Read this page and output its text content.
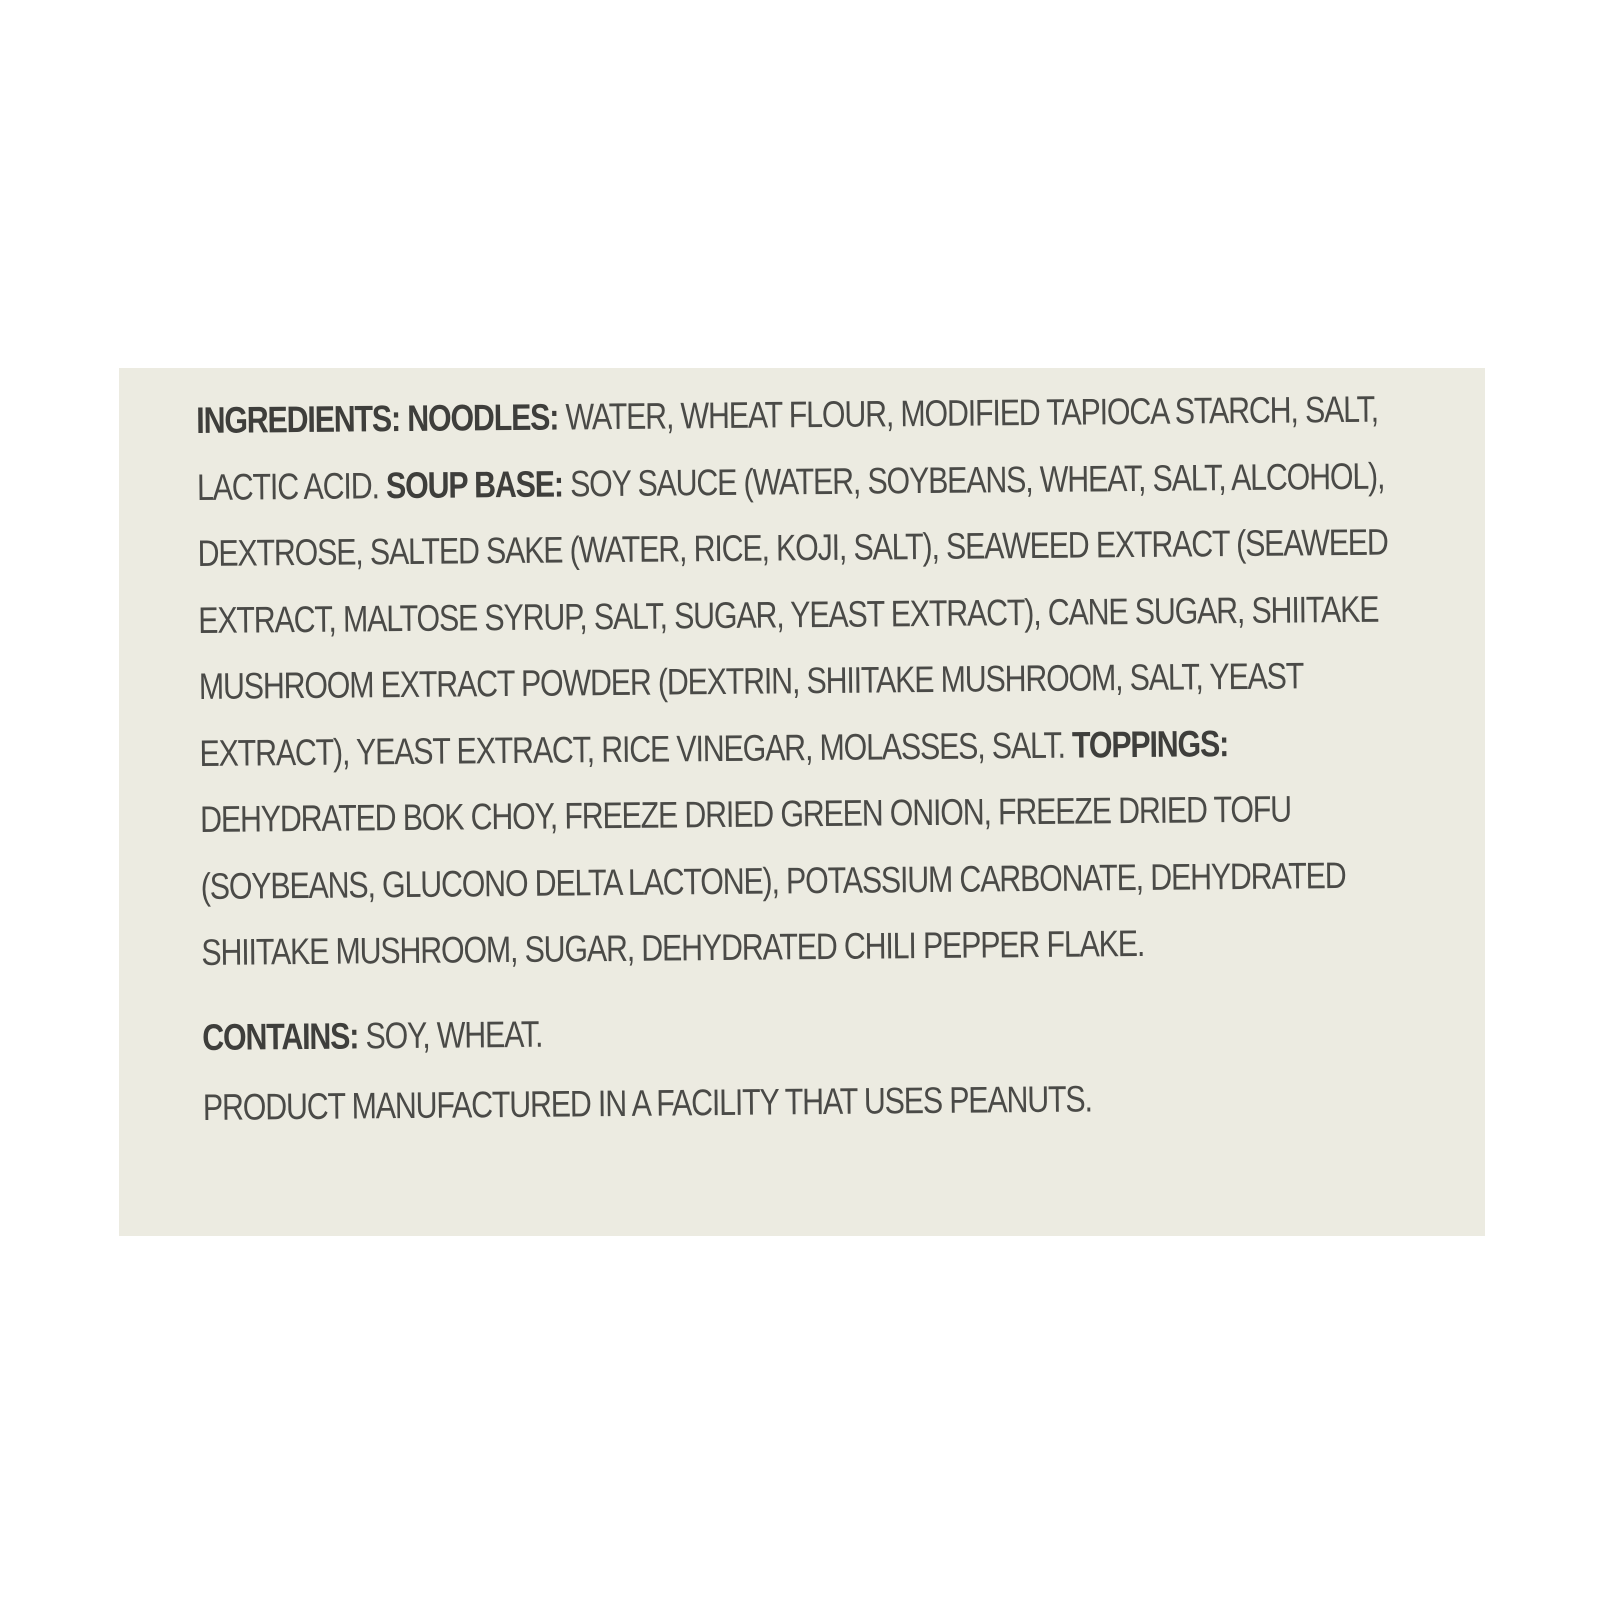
INGREDIENTS: NOODLES: WATER, WHEAT FLOUR, MODIFIED TAPIOCA STARCH, SALT, LACTIC ACID. SOUP BASE: SOY SAUCE (WATER, SOYBEANS, WHEAT, SALT, ALCOHOL), DEXTROSE, SALTED SAKE (WATER, RICE, KOJI, SALT), SEAWEED EXTRACT (SEAWEED EXTRACT, MALTOSE SYRUP, SALT, SUGAR, YEAST EXTRACT), CANE SUGAR, SHIITAKE MUSHROOM EXTRACT POWDER (DEXTRIN, SHIITAKE MUSHROOM, SALT, YEAST EXTRACT), YEAST EXTRACT, RICE VINEGAR, MOLASSES, SALT. TOPPINGS: DEHYDRATED BOK CHOY, FREEZE DRIED GREEN ONION, FREEZE DRIED TOFU (SOYBEANS, GLUCONO DELTA LACTONE), POTASSIUM CARBONATE, DEHYDRATED SHIITAKE MUSHROOM, SUGAR, DEHYDRATED CHILI PEPPER FLAKE.

CONTAINS: SOY, WHEAT.

PRODUCT MANUFACTURED IN A FACILITY THAT USES PEANUTS.
